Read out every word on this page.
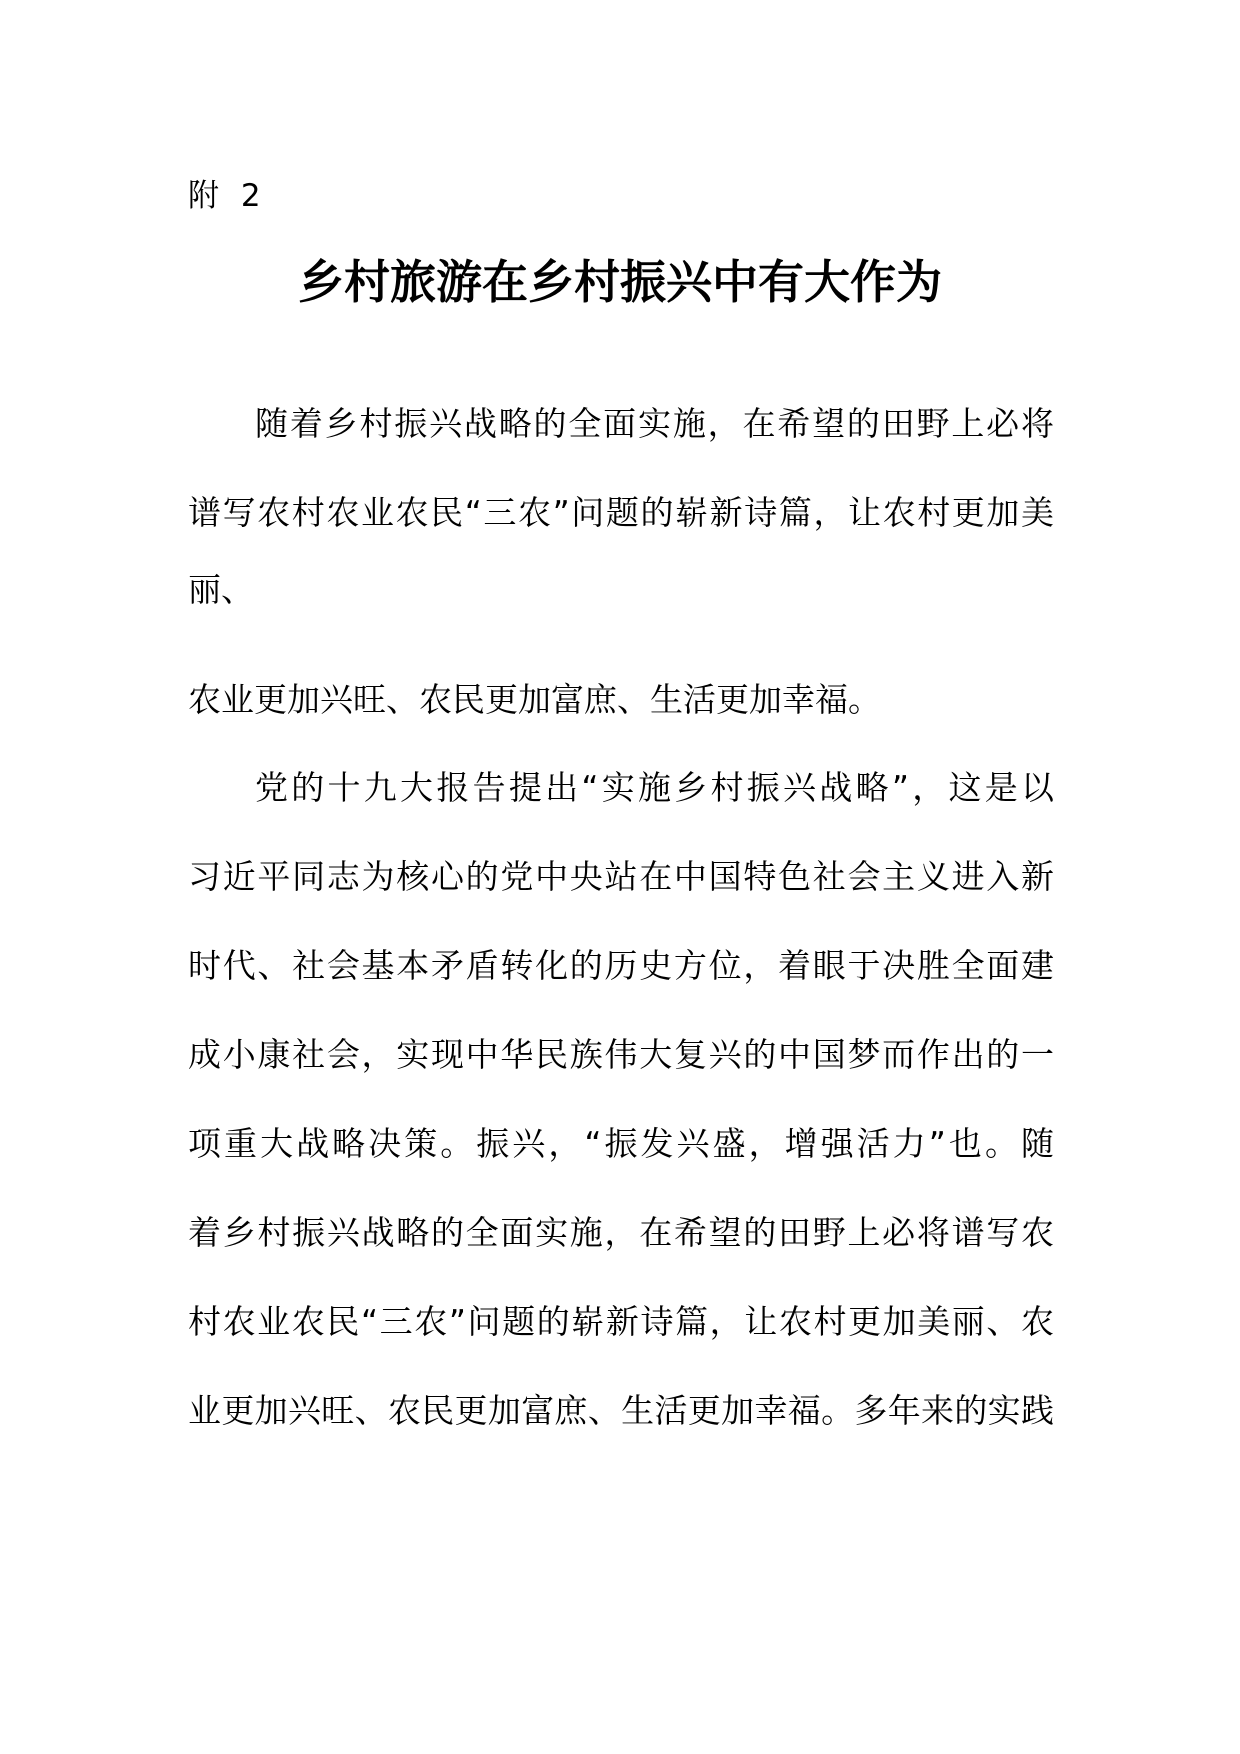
附 2
乡村旅游在乡村振兴中有大作为
随着乡村振兴战略的全面实施，在希望的田野上必将
谱写农村农业农民“三农”问题的崭新诗篇，让农村更加美
丽、
农业更加兴旺、农民更加富庶、生活更加幸福。
党的十九大报告提出“实施乡村振兴战略”，这是以
习近平同志为核心的党中央站在中国特色社会主义进入新
时代、社会基本矛盾转化的历史方位，着眼于决胜全面建
成小康社会，实现中华民族伟大复兴的中国梦而作出的一
项重大战略决策。振兴，“振发兴盛，增强活力”也。随
着乡村振兴战略的全面实施，在希望的田野上必将谱写农
村农业农民“三农”问题的崭新诗篇，让农村更加美丽、农
业更加兴旺、农民更加富庶、生活更加幸福。多年来的实践
